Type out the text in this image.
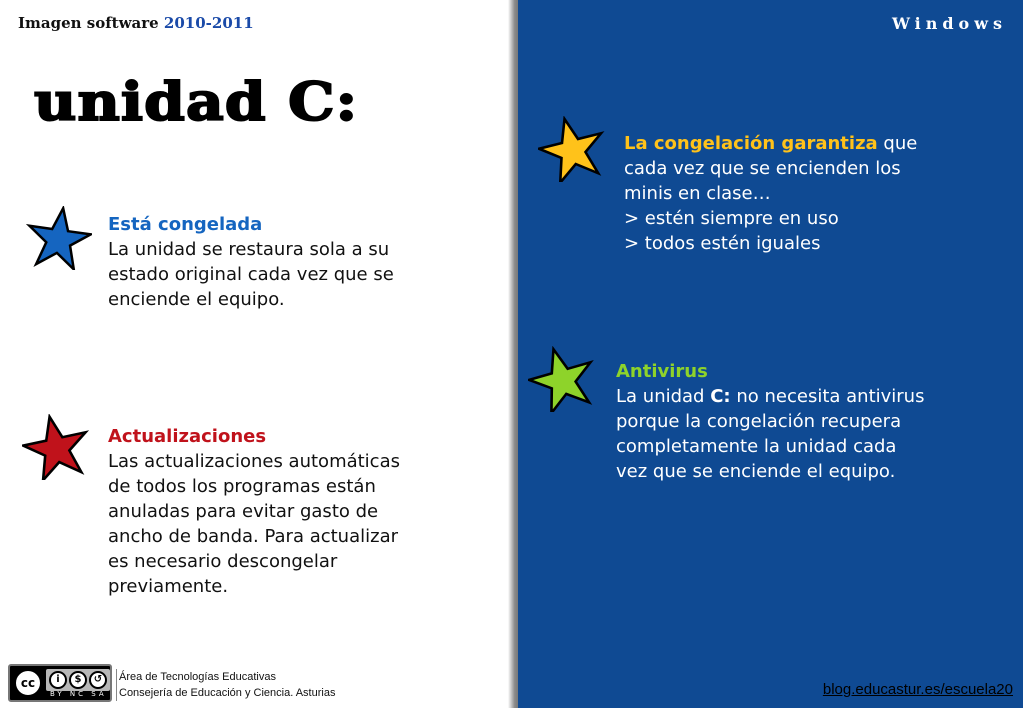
Imagen software 2010-2011	Windows
unidad C:
Está congelada
La unidad se restaura sola a su
estado original cada vez que se
enciende el equipo.
Actualizaciones
Las actualizaciones automáticas
de todos los programas están
anuladas para evitar gasto de
ancho de banda. Para actualizar
es necesario descongelar
previamente.
La congelación garantiza que
cada vez que se encienden los
minis en clase…
> estén siempre en uso
> todos estén iguales
Antivirus
La unidad C: no necesita antivirus
porque la congelación recupera
completamente la unidad cada
vez que se enciende el equipo.
cc	i	$	↺
BY NC SA
Área de Tecnologías Educativas
Consejería de Educación y Ciencia. Asturias	blog.educastur.es/escuela20
